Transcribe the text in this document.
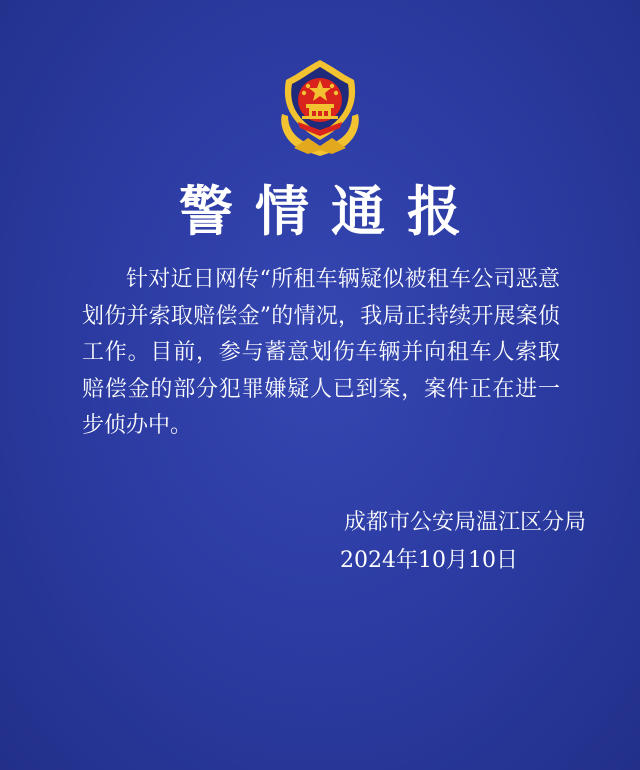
警情通报

针对近日网传“所租车辆疑似被租车公司恶意划伤并索取赔偿金”的情况，我局正持续开展案侦工作。目前，参与蓄意划伤车辆并向租车人索取赔偿金的部分犯罪嫌疑人已到案，案件正在进一步侦办中。

成都市公安局温江区分局
2024年10月10日
